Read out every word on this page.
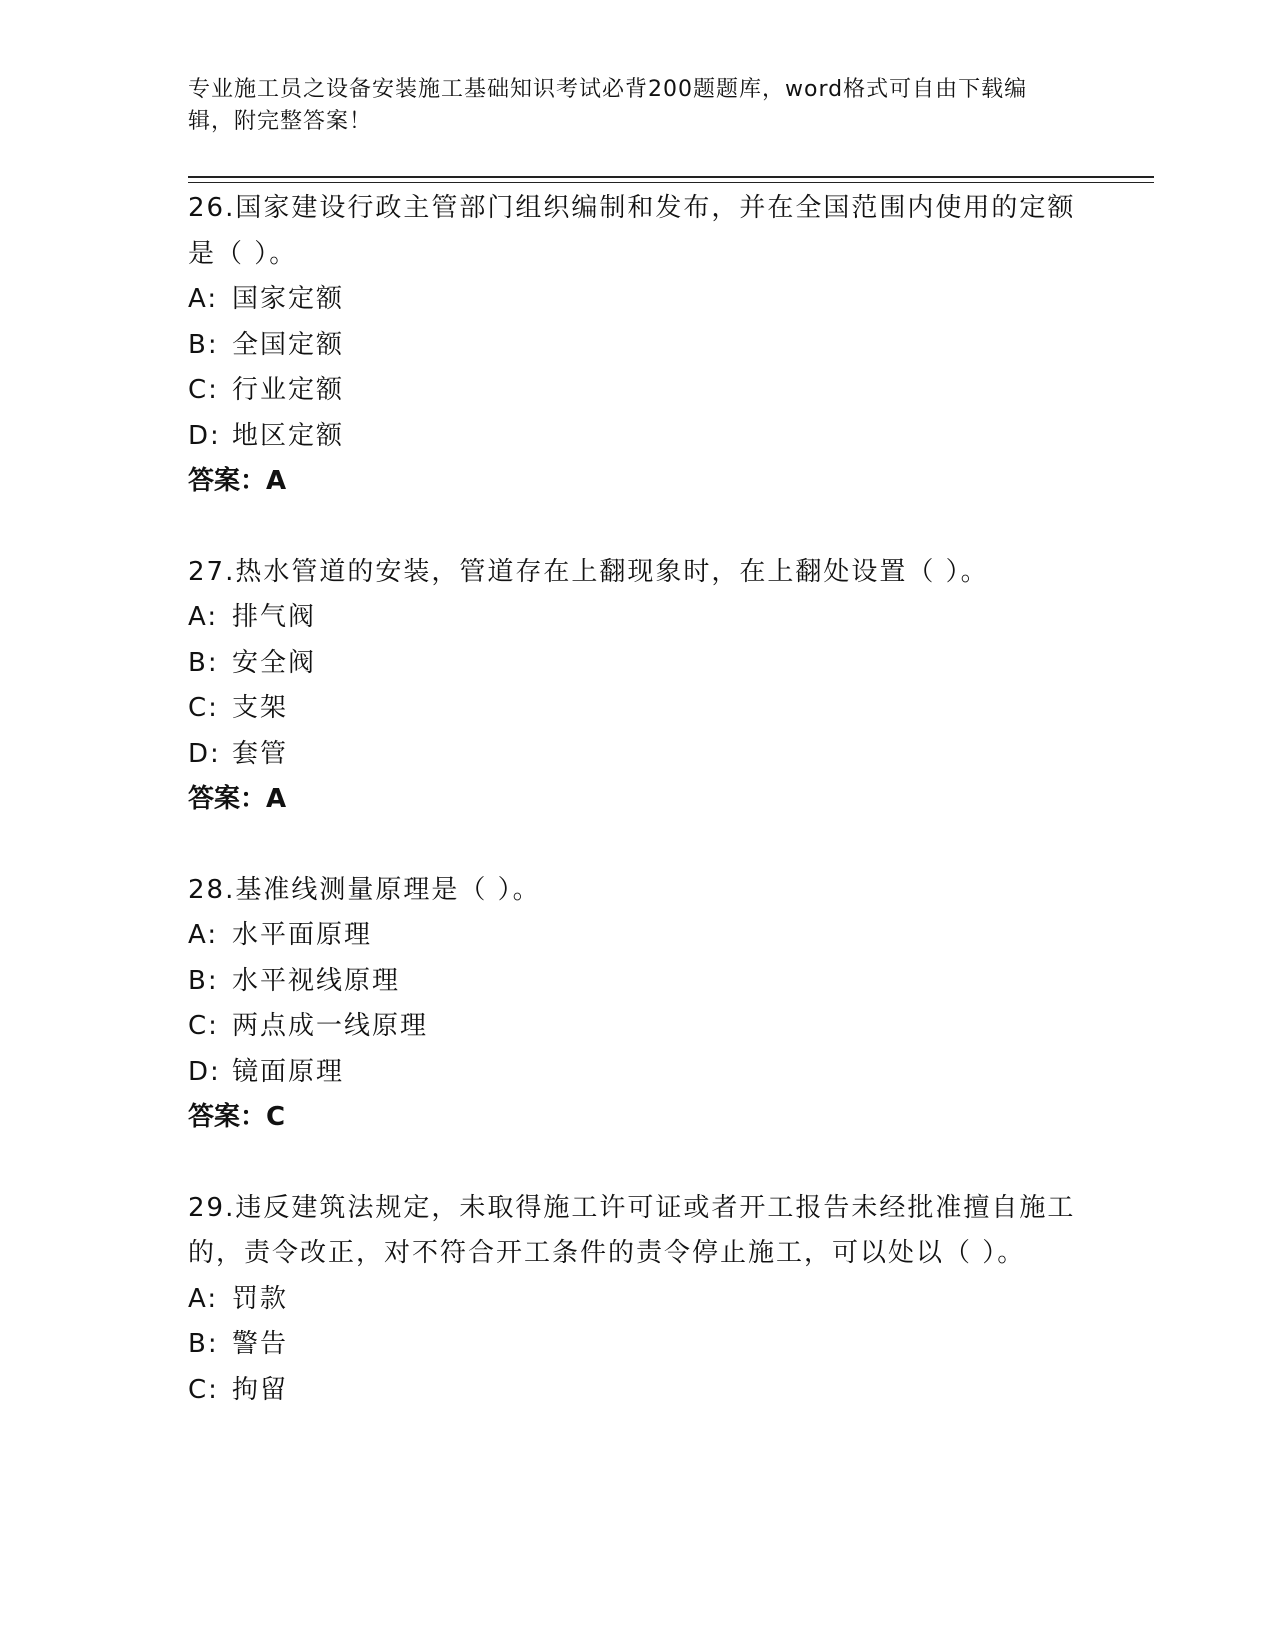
专业施工员之设备安装施工基础知识考试必背200题题库，word格式可自由下载编辑，附完整答案！
26.国家建设行政主管部门组织编制和发布，并在全国范围内使用的定额是（ ）。
A: 国家定额
B: 全国定额
C: 行业定额
D: 地区定额
答案：A
27.热水管道的安装，管道存在上翻现象时，在上翻处设置（ ）。
A: 排气阀
B: 安全阀
C: 支架
D: 套管
答案：A
28.基准线测量原理是（ ）。
A: 水平面原理
B: 水平视线原理
C: 两点成一线原理
D: 镜面原理
答案：C
29.违反建筑法规定，未取得施工许可证或者开工报告未经批准擅自施工的，责令改正，对不符合开工条件的责令停止施工，可以处以（ ）。
A: 罚款
B: 警告
C: 拘留
